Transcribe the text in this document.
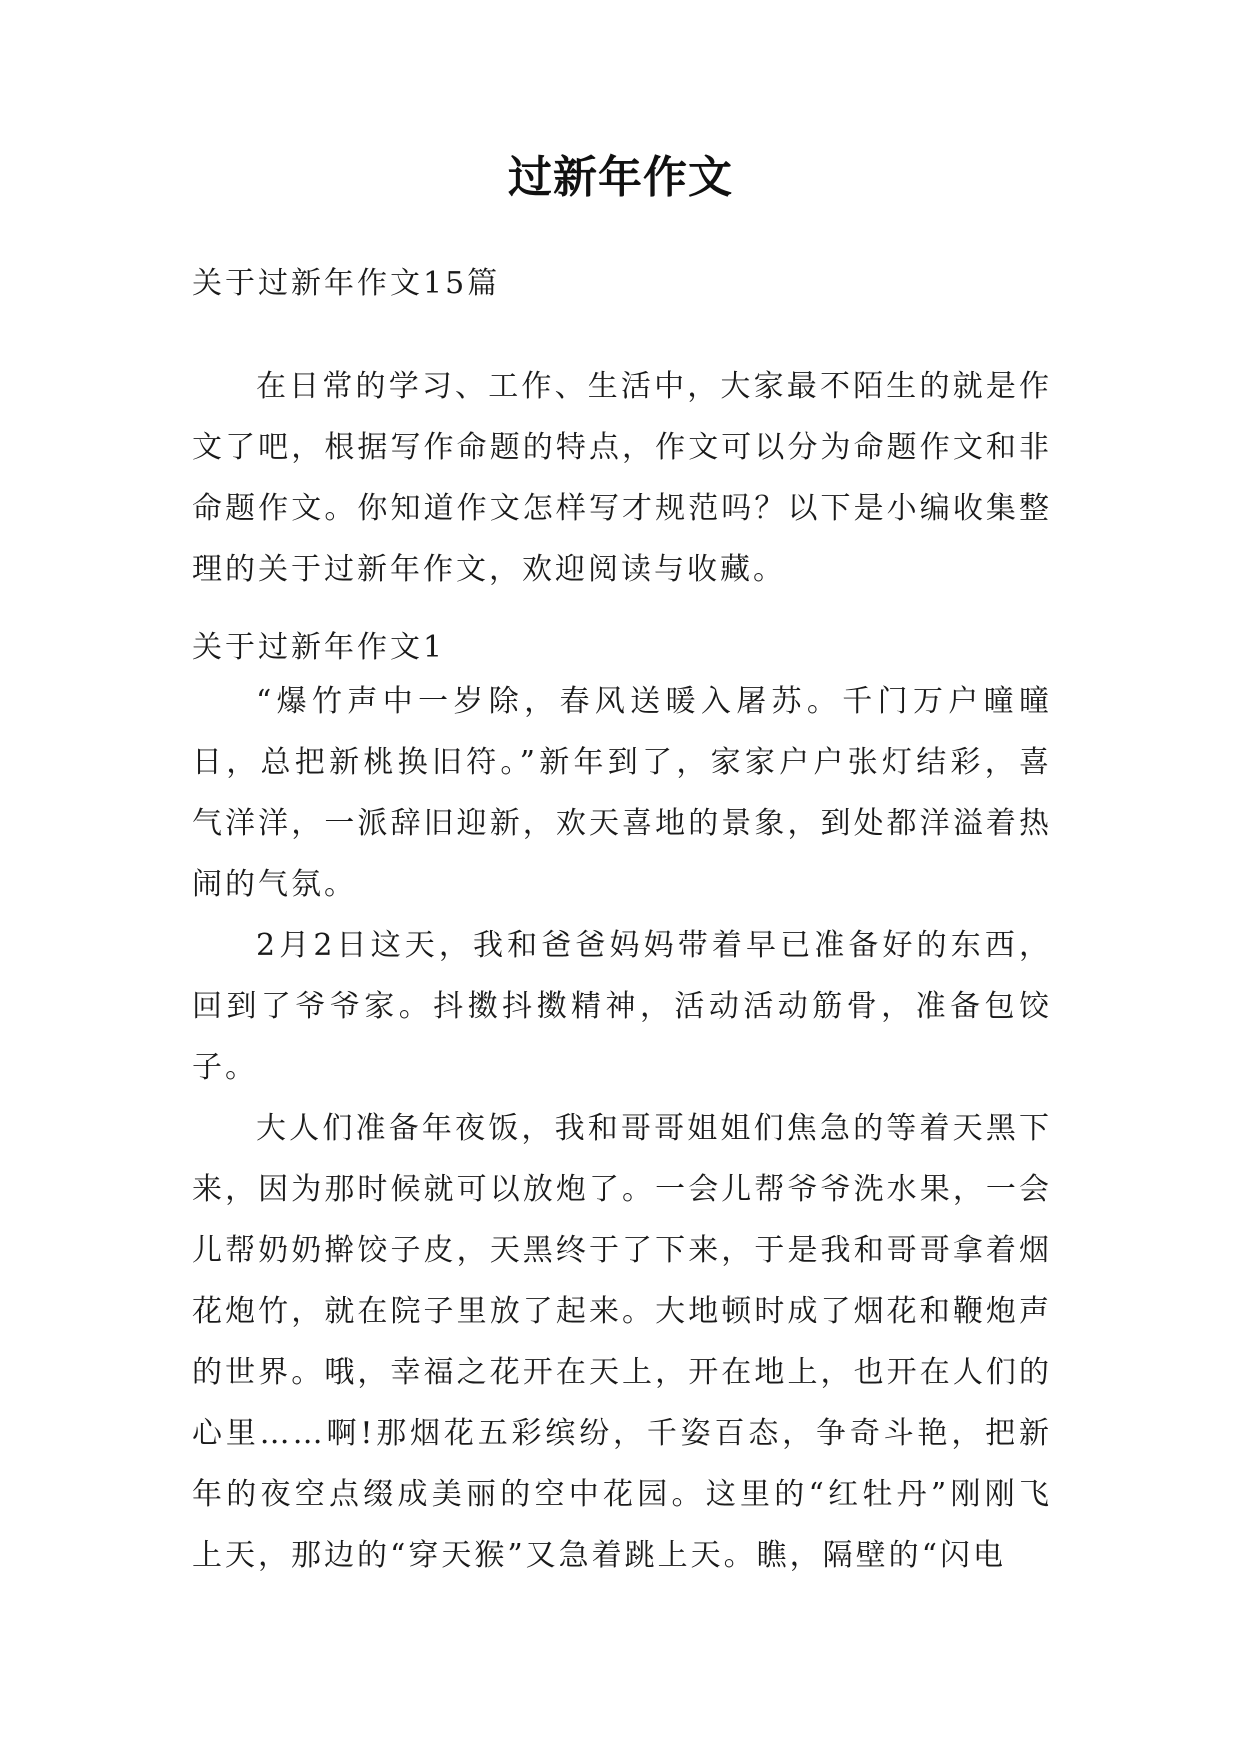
过新年作文
关于过新年作文15篇

在日常的学习、工作、生活中，大家最不陌生的就是作文了吧，根据写作命题的特点，作文可以分为命题作文和非命题作文。你知道作文怎样写才规范吗？以下是小编收集整理的关于过新年作文，欢迎阅读与收藏。

关于过新年作文1

“爆竹声中一岁除，春风送暖入屠苏。千门万户曈曈日，总把新桃换旧符。”新年到了，家家户户张灯结彩，喜气洋洋，一派辞旧迎新，欢天喜地的景象，到处都洋溢着热闹的气氛。

2月2日这天，我和爸爸妈妈带着早已准备好的东西，回到了爷爷家。抖擞抖擞精神，活动活动筋骨，准备包饺子。

大人们准备年夜饭，我和哥哥姐姐们焦急的等着天黑下来，因为那时候就可以放炮了。一会儿帮爷爷洗水果，一会儿帮奶奶擀饺子皮，天黑终于了下来，于是我和哥哥拿着烟花炮竹，就在院子里放了起来。大地顿时成了烟花和鞭炮声的世界。哦，幸福之花开在天上，开在地上，也开在人们的心里……啊!那烟花五彩缤纷，千姿百态，争奇斗艳，把新年的夜空点缀成美丽的空中花园。这里的“红牡丹”刚刚飞上天，那边的“穿天猴”又急着跳上天。瞧，隔壁的“闪电
